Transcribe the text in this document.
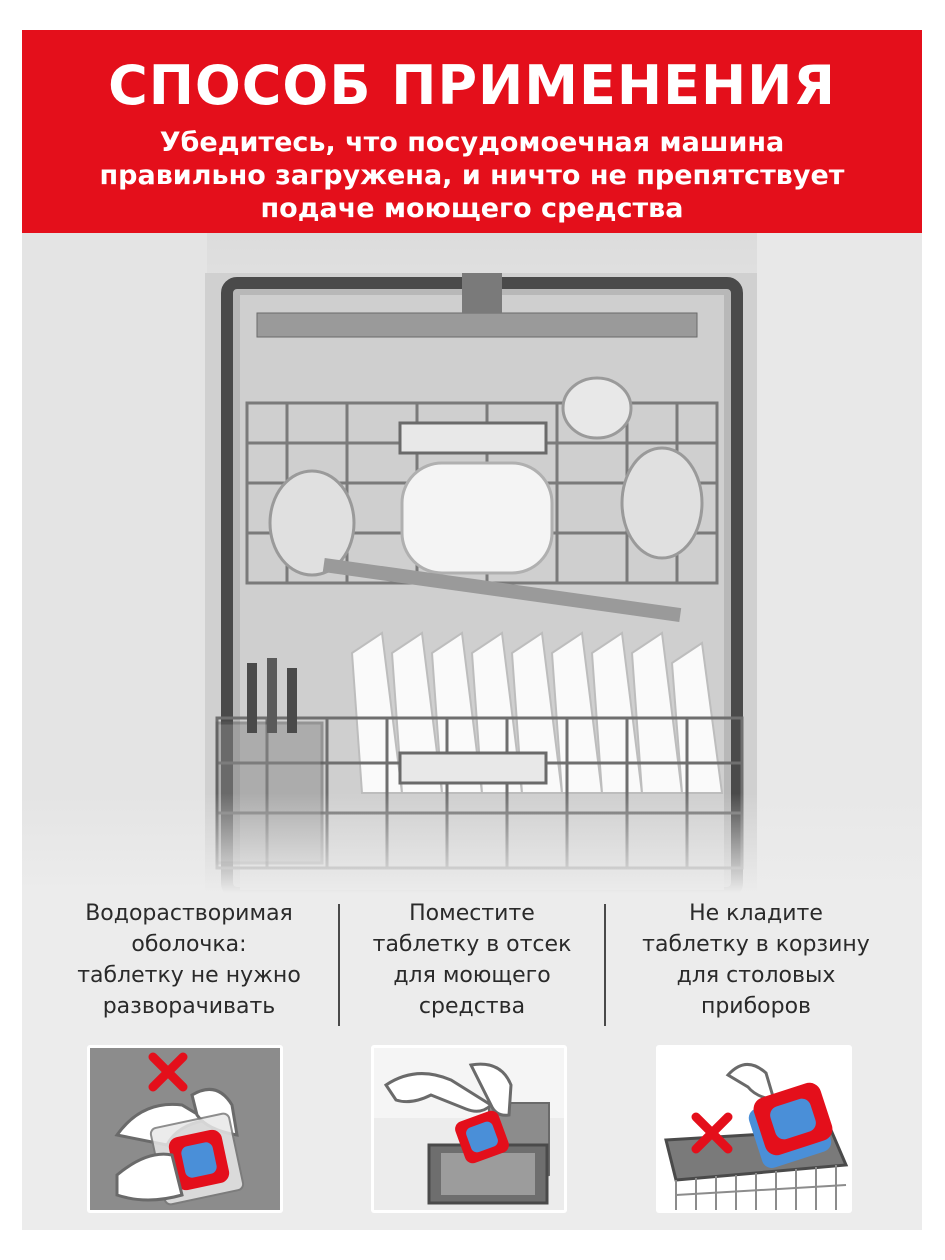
СПОСОБ ПРИМЕНЕНИЯ
Убедитесь, что посудомоечная машина
правильно загружена, и ничто не препятствует
подаче моющего средства
Водорастворимая
оболочка:
таблетку не нужно
разворачивать
Поместите
таблетку в отсек
для моющего
средства
Не кладите
таблетку в корзину
для столовых
приборов
